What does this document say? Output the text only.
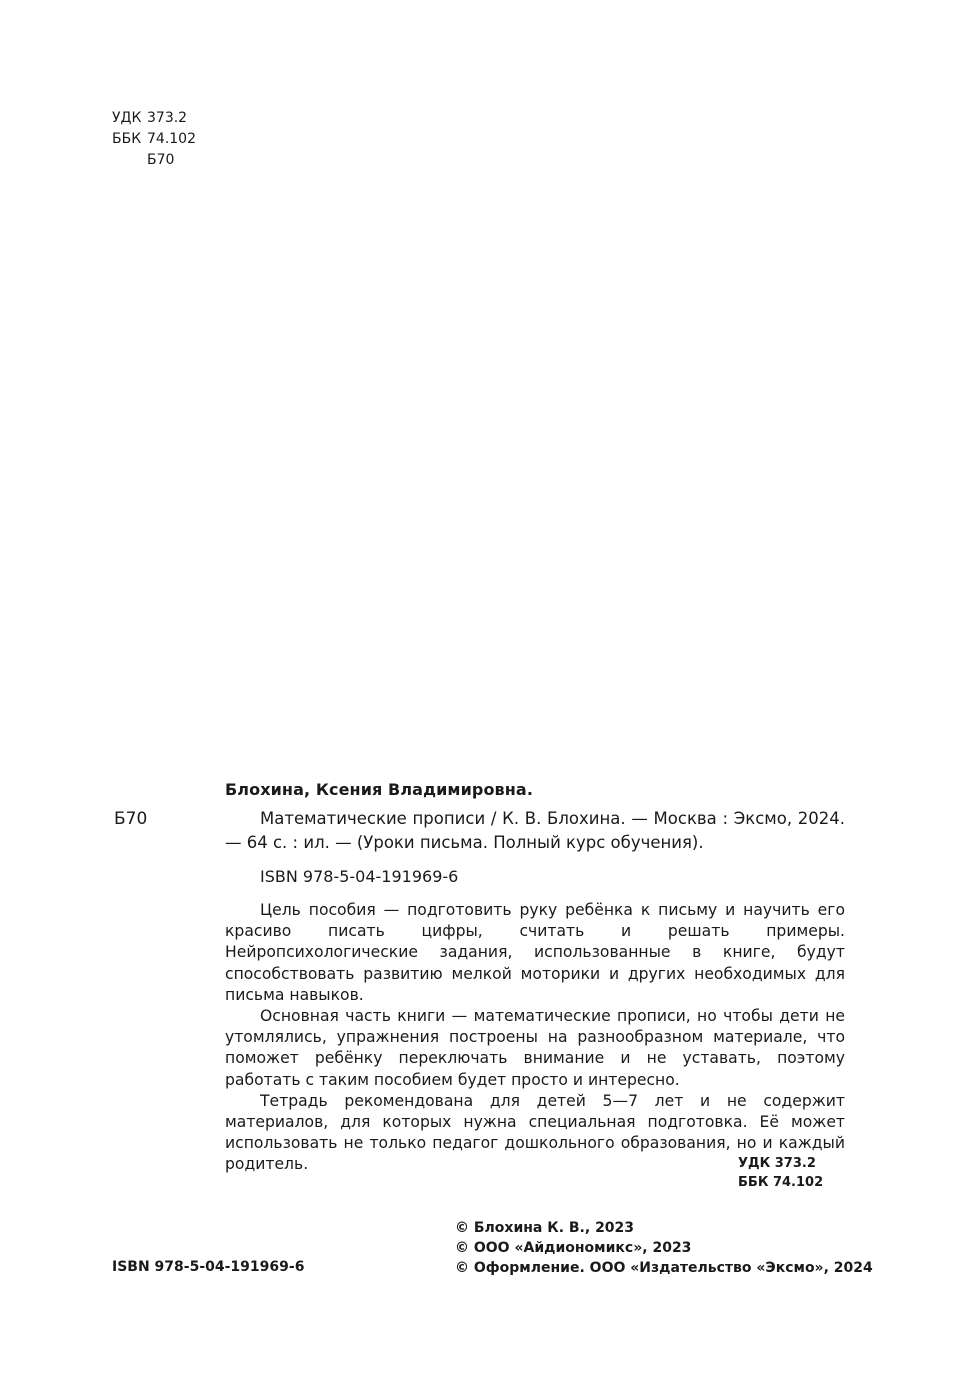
УДК 373.2
ББК 74.102
Б70
Блохина, Ксения Владимировна.
Б70	Математические прописи / К. В. Блохина. — Москва : Эксмо, 2024. — 64 с. : ил. — (Уроки письма. Полный курс обучения).

ISBN 978-5-04-191969-6

Цель пособия — подготовить руку ребёнка к письму и научить его красиво писать цифры, считать и решать примеры. Нейропсихологические задания, использованные в книге, будут способствовать развитию мелкой моторики и других необходимых для письма навыков.

Основная часть книги — математические прописи, но чтобы дети не утомлялись, упражнения построены на разнообразном материале, что поможет ребёнку переключать внимание и не уставать, поэтому работать с таким пособием будет просто и интересно.

Тетрадь рекомендована для детей 5—7 лет и не содержит материалов, для которых нужна специальная подготовка. Её может использовать не только педагог дошкольного образования, но и каждый родитель.	УДК 373.2
ББК 74.102
© Блохина К. В., 2023
© ООО «Айдиономикс», 2023
© Оформление. ООО «Издательство «Эксмо», 2024
ISBN 978-5-04-191969-6
